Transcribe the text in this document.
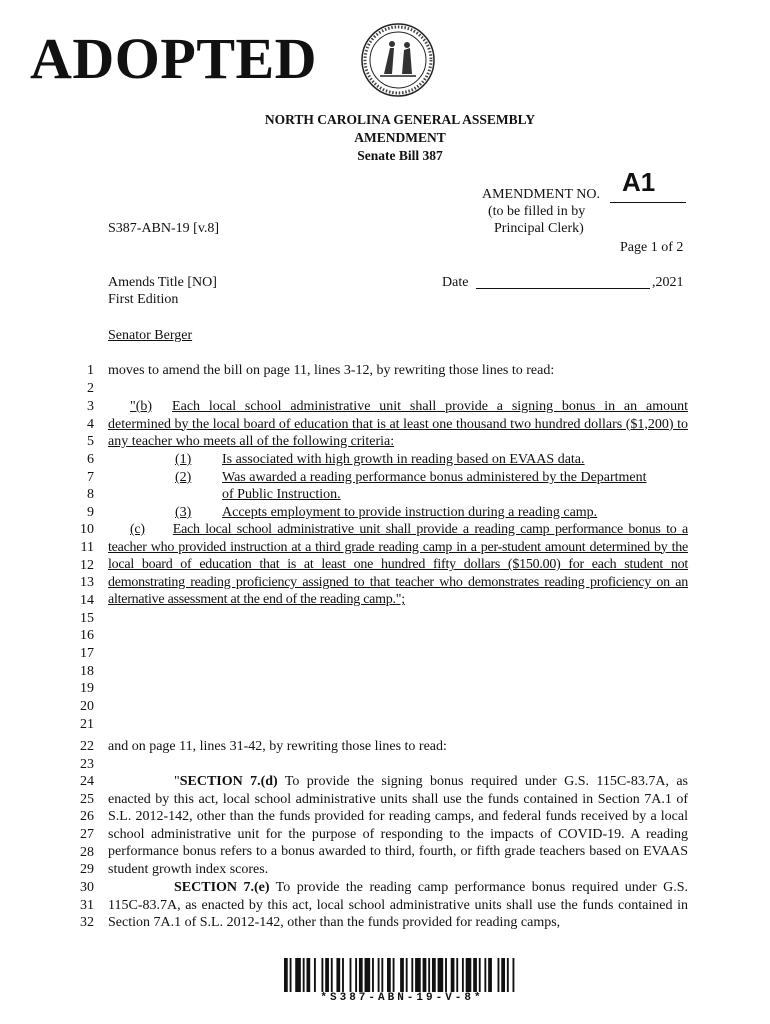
ADOPTED
NORTH CAROLINA GENERAL ASSEMBLY
AMENDMENT
Senate Bill 387
AMENDMENT NO. A1
(to be filled in by
Principal Clerk)
S387-ABN-19 [v.8]
Page 1 of 2
Amends Title [NO]
First Edition
Date	,2021
Senator Berger
1
2
3
4
5
6
7
8
9
10
11
12
13
14
15
16
17
18
19
20
21
22
23
24
25
26
27
28
29
30
31
32
moves to amend the bill on page 11, lines 3-12, by rewriting those lines to read:
"(b) Each local school administrative unit shall provide a signing bonus in an amount determined by the local board of education that is at least one thousand two hundred dollars ($1,200) to any teacher who meets all of the following criteria:
(1) Is associated with high growth in reading based on EVAAS data.
(2) Was awarded a reading performance bonus administered by the Department
of Public Instruction.
(3) Accepts employment to provide instruction during a reading camp.
(c) Each local school administrative unit shall provide a reading camp performance bonus to a teacher who provided instruction at a third grade reading camp in a per-student amount determined by the local board of education that is at least one hundred fifty dollars ($150.00) for each student not demonstrating reading proficiency assigned to that teacher who demonstrates reading proficiency on an alternative assessment at the end of the reading camp.";
and on page 11, lines 31-42, by rewriting those lines to read:
"SECTION 7.(d) To provide the signing bonus required under G.S. 115C-83.7A, as enacted by this act, local school administrative units shall use the funds contained in Section 7A.1 of S.L. 2012-142, other than the funds provided for reading camps, and federal funds received by a local school administrative unit for the purpose of responding to the impacts of COVID-19. A reading performance bonus refers to a bonus awarded to third, fourth, or fifth grade teachers based on EVAAS student growth index scores.
SECTION 7.(e) To provide the reading camp performance bonus required under G.S. 115C-83.7A, as enacted by this act, local school administrative units shall use the funds contained in Section 7A.1 of S.L. 2012-142, other than the funds provided for reading camps,
*S387-ABN-19-V-8*
